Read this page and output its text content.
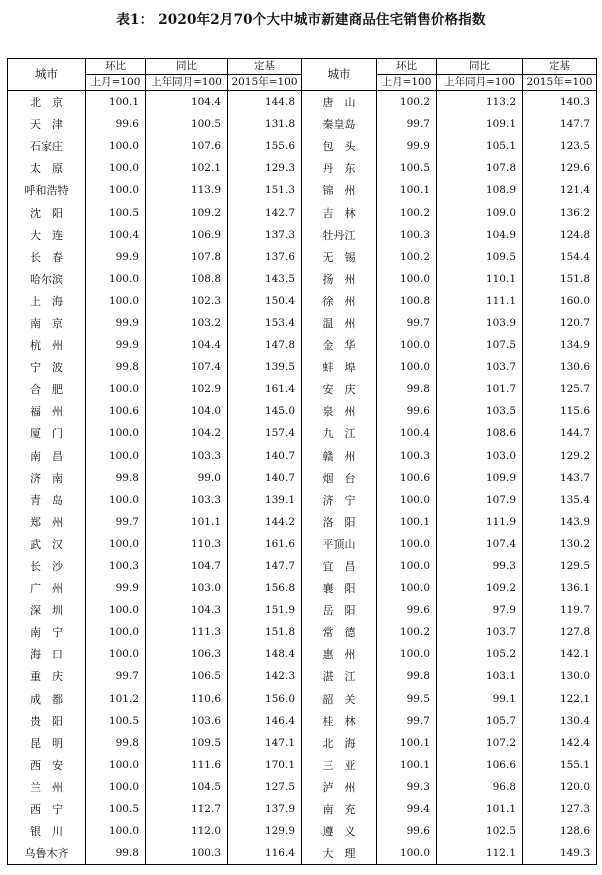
表1： 2020年2月70个大中城市新建商品住宅销售价格指数
城市	环比	同比	定基	城市	环比	同比	定基
	上月=100	上年同月=100	2015年=100		上月=100	上年同月=100	2015年=100
北　京	100.1	104.4	144.8	唐　山	100.2	113.2	140.3
天　津	99.6	100.5	131.8	秦皇岛	99.7	109.1	147.7
石家庄	100.0	107.6	155.6	包　头	99.9	105.1	123.5
太　原	100.0	102.1	129.3	丹　东	100.5	107.8	129.6
呼和浩特	100.0	113.9	151.3	锦　州	100.1	108.9	121.4
沈　阳	100.5	109.2	142.7	吉　林	100.2	109.0	136.2
大　连	100.4	106.9	137.3	牡丹江	100.3	104.9	124.8
长　春	99.9	107.8	137.6	无　锡	100.2	109.5	154.4
哈尔滨	100.0	108.8	143.5	扬　州	100.0	110.1	151.8
上　海	100.0	102.3	150.4	徐　州	100.8	111.1	160.0
南　京	99.9	103.2	153.4	温　州	99.7	103.9	120.7
杭　州	99.9	104.4	147.8	金　华	100.0	107.5	134.9
宁　波	99.8	107.4	139.5	蚌　埠	100.0	103.7	130.6
合　肥	100.0	102.9	161.4	安　庆	99.8	101.7	125.7
福　州	100.6	104.0	145.0	泉　州	99.6	103.5	115.6
厦　门	100.0	104.2	157.4	九　江	100.4	108.6	144.7
南　昌	100.0	103.3	140.7	赣　州	100.3	103.0	129.2
济　南	99.8	99.0	140.7	烟　台	100.6	109.9	143.7
青　岛	100.0	103.3	139.1	济　宁	100.0	107.9	135.4
郑　州	99.7	101.1	144.2	洛　阳	100.1	111.9	143.9
武　汉	100.0	110.3	161.6	平顶山	100.0	107.4	130.2
长　沙	100.3	104.7	147.7	宜　昌	100.0	99.3	129.5
广　州	99.9	103.0	156.8	襄　阳	100.0	109.2	136.1
深　圳	100.0	104.3	151.9	岳　阳	99.6	97.9	119.7
南　宁	100.0	111.3	151.8	常　德	100.2	103.7	127.8
海　口	100.0	106.3	148.4	惠　州	100.0	105.2	142.1
重　庆	99.7	106.5	142.3	湛　江	99.8	103.1	130.0
成　都	101.2	110.6	156.0	韶　关	99.5	99.1	122.1
贵　阳	100.5	103.6	146.4	桂　林	99.7	105.7	130.4
昆　明	99.8	109.5	147.1	北　海	100.1	107.2	142.4
西　安	100.0	111.6	170.1	三　亚	100.1	106.6	155.1
兰　州	100.0	104.5	127.5	泸　州	99.3	96.8	120.0
西　宁	100.5	112.7	137.9	南　充	99.4	101.1	127.3
银　川	100.0	112.0	129.9	遵　义	99.6	102.5	128.6
乌鲁木齐	99.8	100.3	116.4	大　理	100.0	112.1	149.3
